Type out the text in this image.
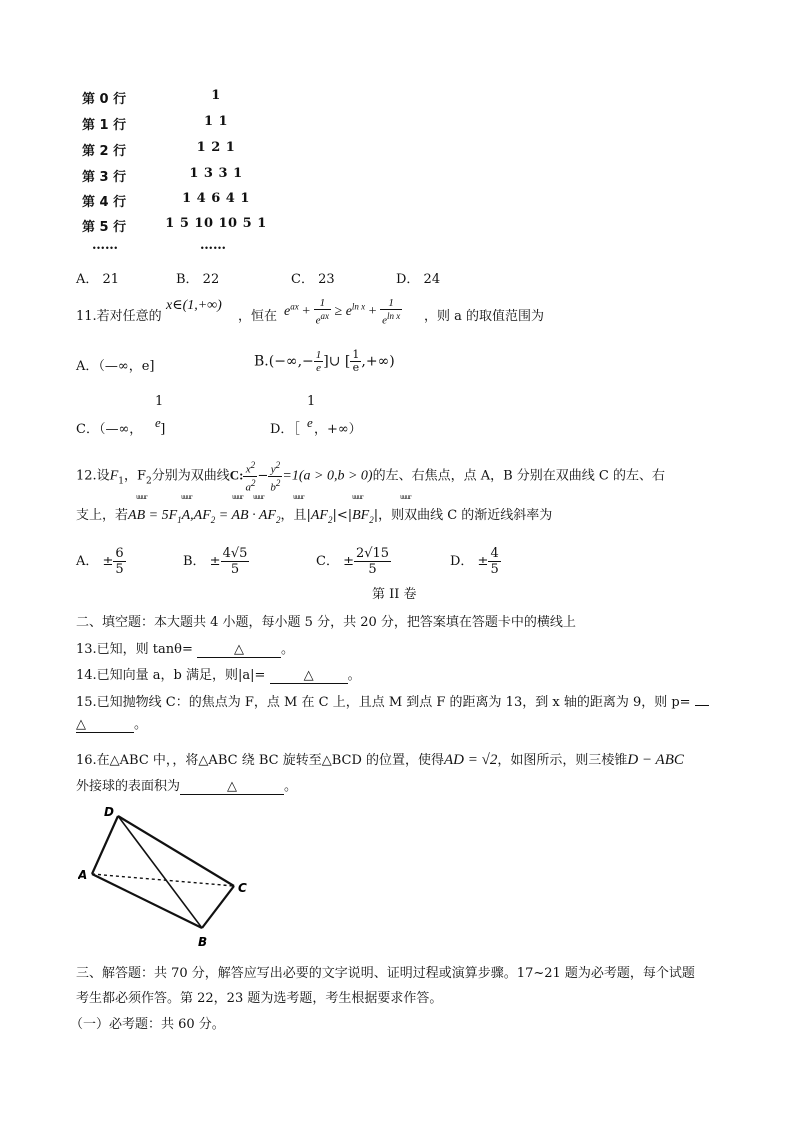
第 0 行	1
第 1 行	1 1
第 2 行	1 2 1
第 3 行	1 3 3 1
第 4 行	1 4 6 4 1
第 5 行	1 5 10 10 5 1
……	……
A． 21	B． 22	C． 23	D． 24
11.若对任意的
x∈(1,+∞)
，恒在 $e^{ax} + \frac{1}{e^{ax}} \ge e^{ln x} + \frac{1}{e^{ln x}}$ ，则 a 的取值范围为
A．（—∞，e]	$B.(-\infty,- \frac{1}{e}$ ]∪ [ $\frac{1}{e}$ ,+∞)
1
e
C．（—∞， ]
1
e
D．［ ，+∞）
12.设$F_1$，$F_2$分别为双曲线C: $\frac{x^2}{a^2} - \frac{y^2}{b^2} =1(a > 0,b > 0)$的左、右焦点，点 A，B 分别在双曲线 C 的左、右
支上，若AB = $5F_1A,AF_2$ = AB · $AF_2$，且$|AF_2|<|BF_2|$，则双曲线 C 的渐近线斜率为
uuur	uuur	uuur uuur	uuur	uuur	uuur
A． ± $\frac{6}{5}$	B． ± $\frac{4√5}{5}$	C． ± $\frac{2√15}{5}$	D． ± $\frac{4}{5}$
第 II 卷
二、填空题：本大题共 4 小题，每小题 5 分，共 20 分，把答案填在答题卡中的横线上
13.已知，则 tanθ=	△	。
14.已知向量 a，b 满足，则|a|=	△	。
15.已知抛物线 C：的焦点为 F，点 M 在 C 上，且点 M 到点 F 的距离为 13，到 x 轴的距离为 9，则 p=
△	。
16.在△ABC 中，，将△ABC 绕 BC 旋转至△BCD 的位置，使得AD = √2，如图所示，则三棱锥D − ABC
外接球的表面积为	△	。
D
A
C
B
三、解答题：共 70 分，解答应写出必要的文字说明、证明过程或演算步骤。17~21 题为必考题，每个试题
考生都必须作答。第 22，23 题为选考题，考生根据要求作答。
（一）必考题：共 60 分。
